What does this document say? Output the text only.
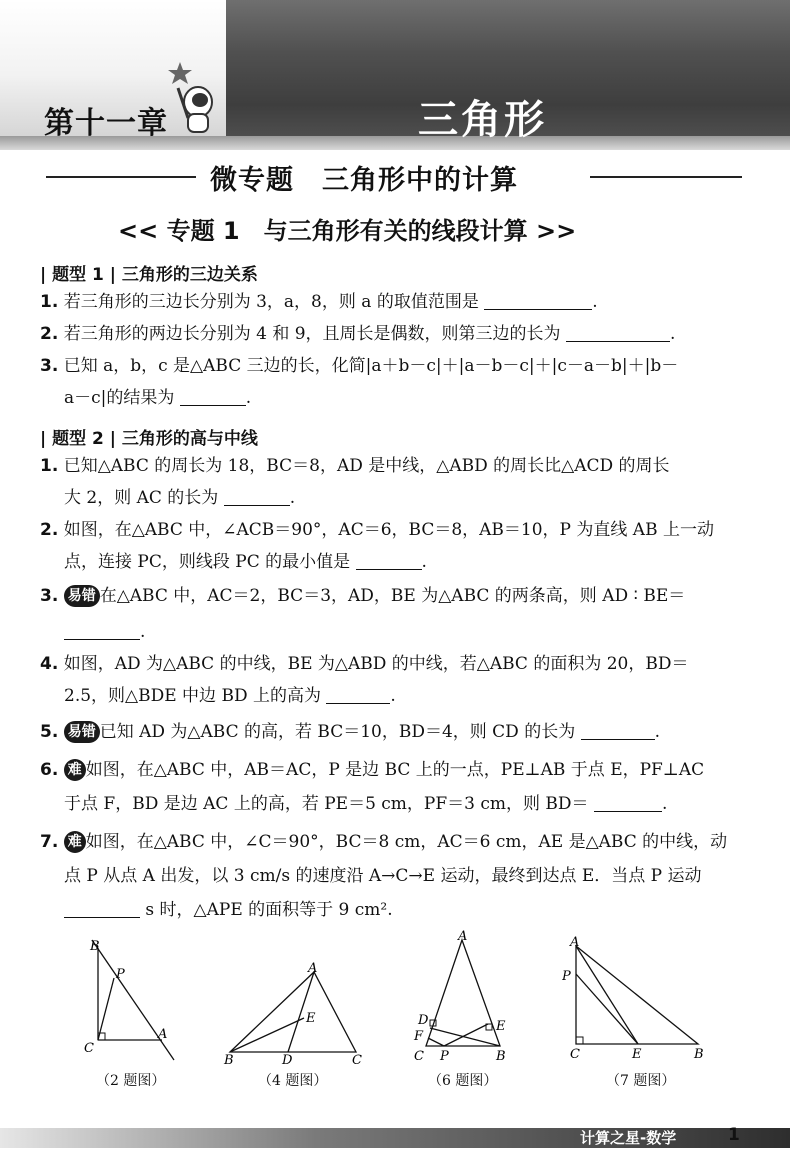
第十一章	三角形
微专题　三角形中的计算
<< 专题 1　与三角形有关的线段计算 >>
| 题型 1 | 三角形的三边关系
1. 若三角形的三边长分别为 3，a，8，则 a 的取值范围是	.
2. 若三角形的两边长分别为 4 和 9，且周长是偶数，则第三边的长为	.
3. 已知 a，b，c 是△ABC 三边的长，化简|a＋b－c|＋|a－b－c|＋|c－a－b|＋|b－
a－c|的结果为	.
| 题型 2 | 三角形的高与中线
1. 已知△ABC 的周长为 18，BC＝8，AD 是中线，△ABD 的周长比△ACD 的周长
大 2，则 AC 的长为	.
2. 如图，在△ABC 中，∠ACB＝90°，AC＝6，BC＝8，AB＝10，P 为直线 AB 上一动
点，连接 PC，则线段 PC 的最小值是	.
3. 易错 在△ABC 中，AC＝2，BC＝3，AD，BE 为△ABC 的两条高，则 AD ∶ BE＝
.
4. 如图，AD 为△ABC 的中线，BE 为△ABD 的中线，若△ABC 的面积为 20，BD＝
2.5，则△BDE 中边 BD 上的高为	.
5. 易错 已知 AD 为△ABC 的高，若 BC＝10，BD＝4，则 CD 的长为	.
6. 难 如图，在△ABC 中，AB＝AC，P 是边 BC 上的一点，PE⊥AB 于点 E，PF⊥AC
于点 F，BD 是边 AC 上的高，若 PE＝5 cm，PF＝3 cm，则 BD＝	.
7. 难 如图，在△ABC 中，∠C＝90°，BC＝8 cm，AC＝6 cm，AE 是△ABC 的中线，动
点 P 从点 A 出发，以 3 cm/s 的速度沿 A→C→E 运动，最终到达点 E．当点 P 运动
s 时，△APE 的面积等于 9 cm².
B
P
C
A
（2 题图）
A
E
B	D	C
（4 题图）
A
D	E
F
C P	B
（6 题图）
A
P
C	E	B
（7 题图）
计算之星-数学	1
